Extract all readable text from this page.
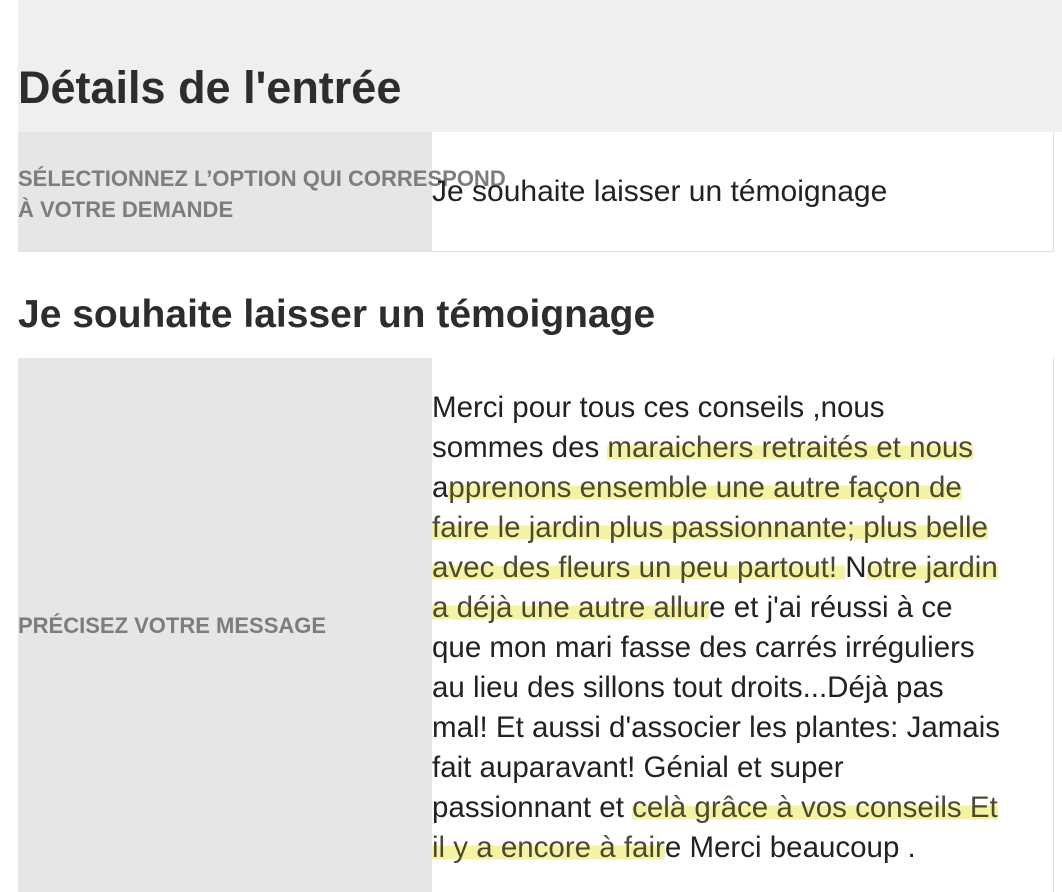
Détails de l'entrée
SÉLECTIONNEZ L’OPTION QUI CORRESPOND
À VOTRE DEMANDE
Je souhaite laisser un témoignage
Je souhaite laisser un témoignage
PRÉCISEZ VOTRE MESSAGE
Merci pour tous ces conseils ,nous
sommes des maraichers retraités et nous
apprenons ensemble une autre façon de
faire le jardin plus passionnante; plus belle
avec des fleurs un peu partout! Notre jardin
a déjà une autre allure et j'ai réussi à ce
que mon mari fasse des carrés irréguliers
au lieu des sillons tout droits...Déjà pas
mal! Et aussi d'associer les plantes: Jamais
fait auparavant! Génial et super
passionnant et celà grâce à vos conseils Et
il y a encore à faire Merci beaucoup .
